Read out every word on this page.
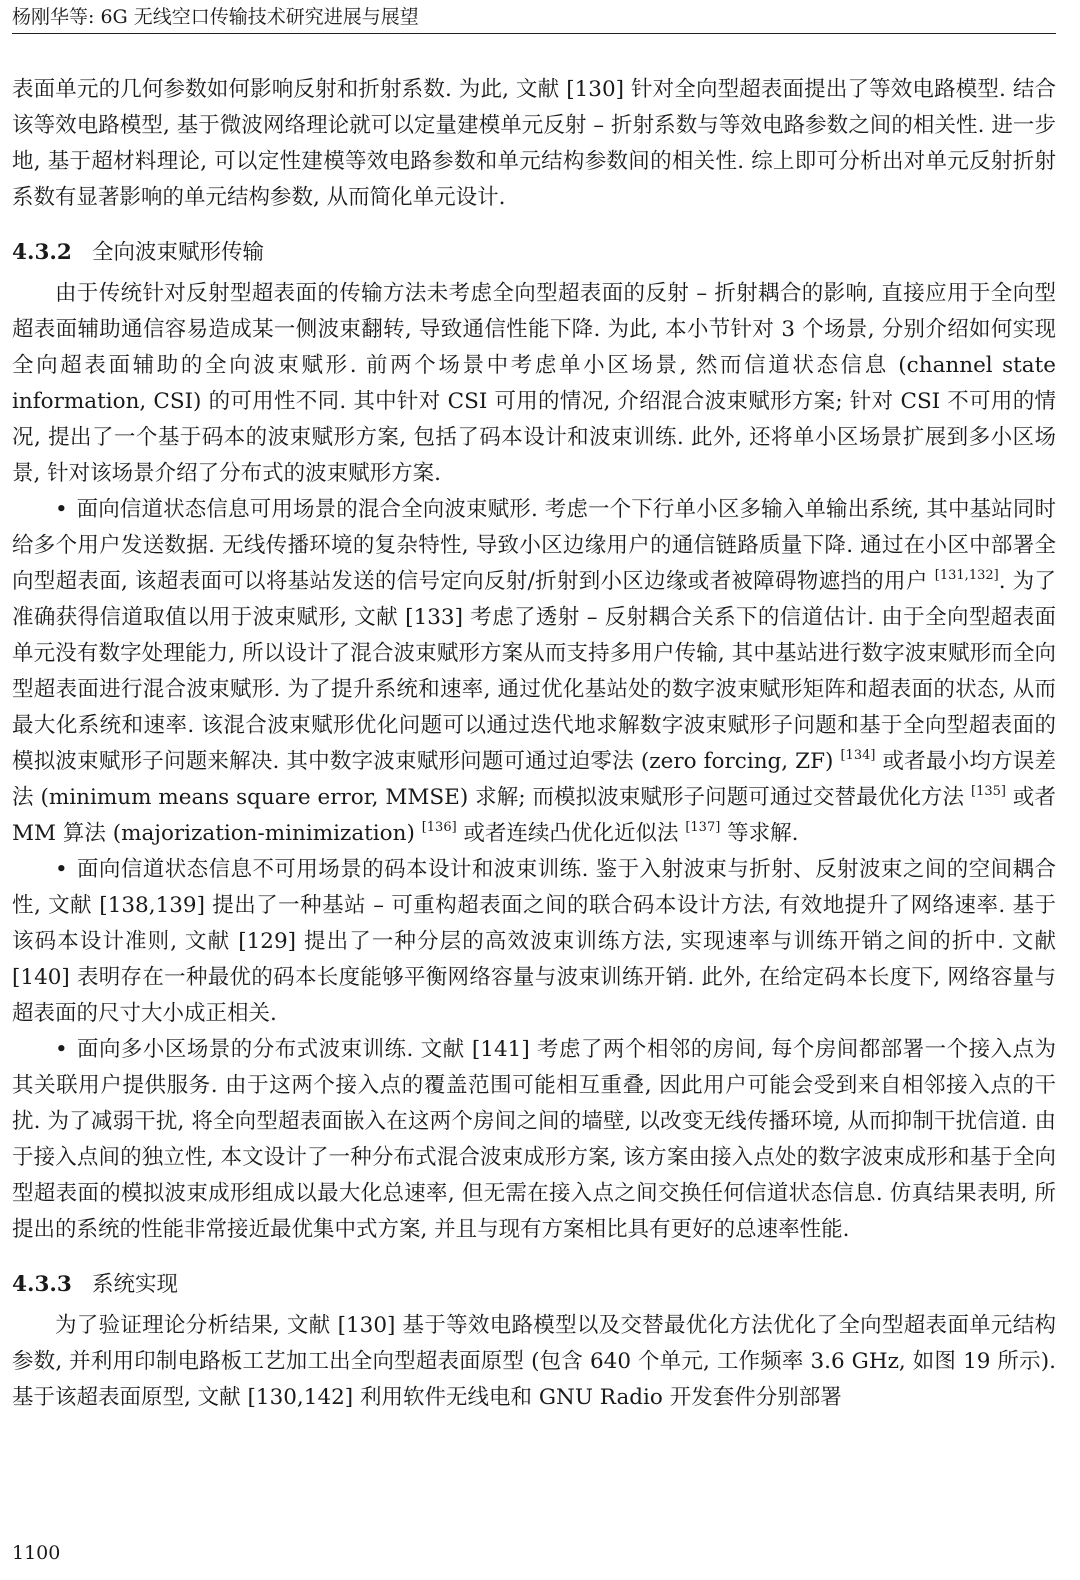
杨刚华等: 6G 无线空口传输技术研究进展与展望

表面单元的几何参数如何影响反射和折射系数. 为此, 文献 [130] 针对全向型超表面提出了等效电路模型. 结合该等效电路模型, 基于微波网络理论就可以定量建模单元反射 – 折射系数与等效电路参数之间的相关性. 进一步地, 基于超材料理论, 可以定性建模等效电路参数和单元结构参数间的相关性. 综上即可分析出对单元反射折射系数有显著影响的单元结构参数, 从而简化单元设计.

4.3.2 全向波束赋形传输

由于传统针对反射型超表面的传输方法未考虑全向型超表面的反射 – 折射耦合的影响, 直接应用于全向型超表面辅助通信容易造成某一侧波束翻转, 导致通信性能下降. 为此, 本小节针对 3 个场景, 分别介绍如何实现全向超表面辅助的全向波束赋形. 前两个场景中考虑单小区场景, 然而信道状态信息 (channel state information, CSI) 的可用性不同. 其中针对 CSI 可用的情况, 介绍混合波束赋形方案; 针对 CSI 不可用的情况, 提出了一个基于码本的波束赋形方案, 包括了码本设计和波束训练. 此外, 还将单小区场景扩展到多小区场景, 针对该场景介绍了分布式的波束赋形方案.

• 面向信道状态信息可用场景的混合全向波束赋形. 考虑一个下行单小区多输入单输出系统, 其中基站同时给多个用户发送数据. 无线传播环境的复杂特性, 导致小区边缘用户的通信链路质量下降. 通过在小区中部署全向型超表面, 该超表面可以将基站发送的信号定向反射/折射到小区边缘或者被障碍物遮挡的用户 [131,132]. 为了准确获得信道取值以用于波束赋形, 文献 [133] 考虑了透射 – 反射耦合关系下的信道估计. 由于全向型超表面单元没有数字处理能力, 所以设计了混合波束赋形方案从而支持多用户传输, 其中基站进行数字波束赋形而全向型超表面进行混合波束赋形. 为了提升系统和速率, 通过优化基站处的数字波束赋形矩阵和超表面的状态, 从而最大化系统和速率. 该混合波束赋形优化问题可以通过迭代地求解数字波束赋形子问题和基于全向型超表面的模拟波束赋形子问题来解决. 其中数字波束赋形问题可通过迫零法 (zero forcing, ZF) [134] 或者最小均方误差法 (minimum means square error, MMSE) 求解; 而模拟波束赋形子问题可通过交替最优化方法 [135] 或者 MM 算法 (majorization-minimization) [136] 或者连续凸优化近似法 [137] 等求解.

• 面向信道状态信息不可用场景的码本设计和波束训练. 鉴于入射波束与折射、反射波束之间的空间耦合性, 文献 [138,139] 提出了一种基站 – 可重构超表面之间的联合码本设计方法, 有效地提升了网络速率. 基于该码本设计准则, 文献 [129] 提出了一种分层的高效波束训练方法, 实现速率与训练开销之间的折中. 文献 [140] 表明存在一种最优的码本长度能够平衡网络容量与波束训练开销. 此外, 在给定码本长度下, 网络容量与超表面的尺寸大小成正相关.

• 面向多小区场景的分布式波束训练. 文献 [141] 考虑了两个相邻的房间, 每个房间都部署一个接入点为其关联用户提供服务. 由于这两个接入点的覆盖范围可能相互重叠, 因此用户可能会受到来自相邻接入点的干扰. 为了减弱干扰, 将全向型超表面嵌入在这两个房间之间的墙壁, 以改变无线传播环境, 从而抑制干扰信道. 由于接入点间的独立性, 本文设计了一种分布式混合波束成形方案, 该方案由接入点处的数字波束成形和基于全向型超表面的模拟波束成形组成以最大化总速率, 但无需在接入点之间交换任何信道状态信息. 仿真结果表明, 所提出的系统的性能非常接近最优集中式方案, 并且与现有方案相比具有更好的总速率性能.

4.3.3 系统实现

为了验证理论分析结果, 文献 [130] 基于等效电路模型以及交替最优化方法优化了全向型超表面单元结构参数, 并利用印制电路板工艺加工出全向型超表面原型 (包含 640 个单元, 工作频率 3.6 GHz, 如图 19 所示). 基于该超表面原型, 文献 [130,142] 利用软件无线电和 GNU Radio 开发套件分别部署

1100
